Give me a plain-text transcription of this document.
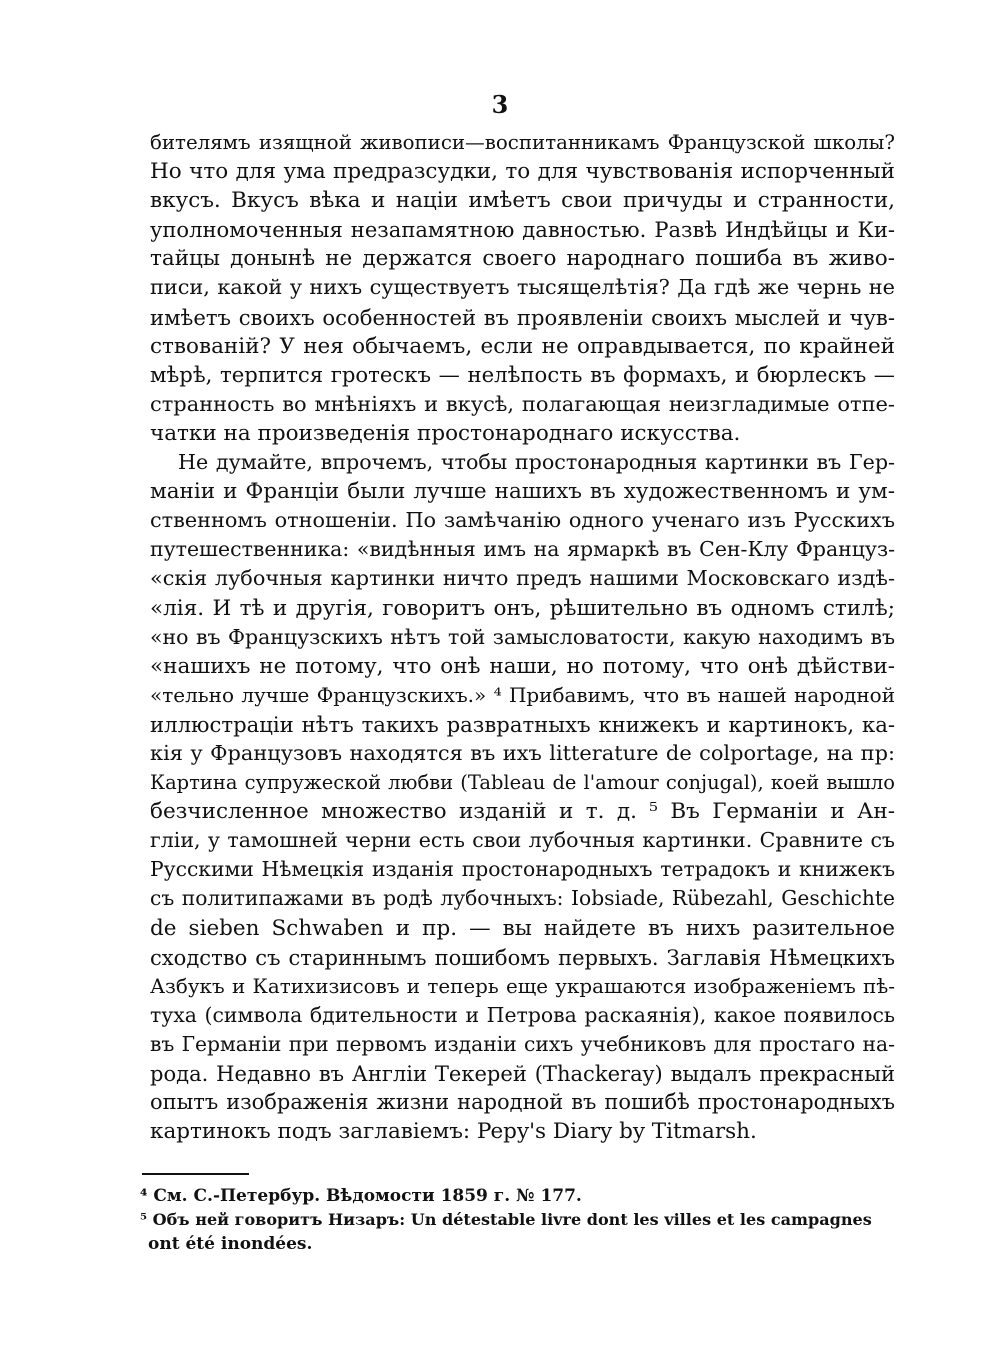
3
бителямъ изящной живописи—воспитанникамъ Французской школы?
Но что для ума предразсудки, то для чувствованія испорченный
вкусъ. Вкусъ вѣка и націи имѣетъ свои причуды и странности,
уполномоченныя незапамятною давностью. Развѣ Индѣйцы и Ки-
тайцы донынѣ не держатся своего народнаго пошиба въ живо-
писи, какой у нихъ существуетъ тысящелѣтія? Да гдѣ же чернь не
имѣетъ своихъ особенностей въ проявленіи своихъ мыслей и чув-
ствованій? У нея обычаемъ, если не оправдывается, по крайней
мѣрѣ, терпится гротескъ — нелѣпость въ формахъ, и бюрлескъ —
странность во мнѣніяхъ и вкусѣ, полагающая неизгладимые отпе-
чатки на произведенія простонароднаго искусства.
Не думайте, впрочемъ, чтобы простонародныя картинки въ Гер-
маніи и Франціи были лучше нашихъ въ художественномъ и ум-
ственномъ отношеніи. По замѣчанію одного ученаго изъ Русскихъ
путешественника: «видѣнныя имъ на ярмаркѣ въ Сен-Клу Француз-
«скія лубочныя картинки ничто предъ нашими Московскаго издѣ-
«лія. И тѣ и другія, говоритъ онъ, рѣшительно въ одномъ стилѣ;
«но въ Французскихъ нѣтъ той замысловатости, какую находимъ въ
«нашихъ не потому, что онѣ наши, но потому, что онѣ дѣйстви-
«тельно лучше Французскихъ.» ⁴ Прибавимъ, что въ нашей народной
иллюстраціи нѣтъ такихъ развратныхъ книжекъ и картинокъ, ка-
кія у Французовъ находятся въ ихъ litterature de colportage, на пр:
Картина супружеской любви (Tableau de l'amour conjugal), коей вышло
безчисленное множество изданій и т. д. ⁵ Въ Германіи и Ан-
гліи, у тамошней черни есть свои лубочныя картинки. Сравните съ
Русскими Нѣмецкія изданія простонародныхъ тетрадокъ и книжекъ
съ политипажами въ родѣ лубочныхъ: Iobsiade, Rübezahl, Geschichte
de sieben Schwaben и пр. — вы найдете въ нихъ разительное
сходство съ стариннымъ пошибомъ первыхъ. Заглавія Нѣмецкихъ
Азбукъ и Катихизисовъ и теперь еще украшаются изображеніемъ пѣ-
туха (символа бдительности и Петрова раскаянія), какое появилось
въ Германіи при первомъ изданіи сихъ учебниковъ для простаго на-
рода. Недавно въ Англіи Текерей (Thackeray) выдалъ прекрасный
опытъ изображенія жизни народной въ пошибѣ простонародныхъ
картинокъ подъ заглавіемъ: Pepy's Diary by Titmarsh.
⁴ См. С.-Петербур. Вѣдомости 1859 г. № 177.
⁵ Объ ней говоритъ Низаръ: Un détestable livre dont les villes et les campagnes
ont été inondées.
